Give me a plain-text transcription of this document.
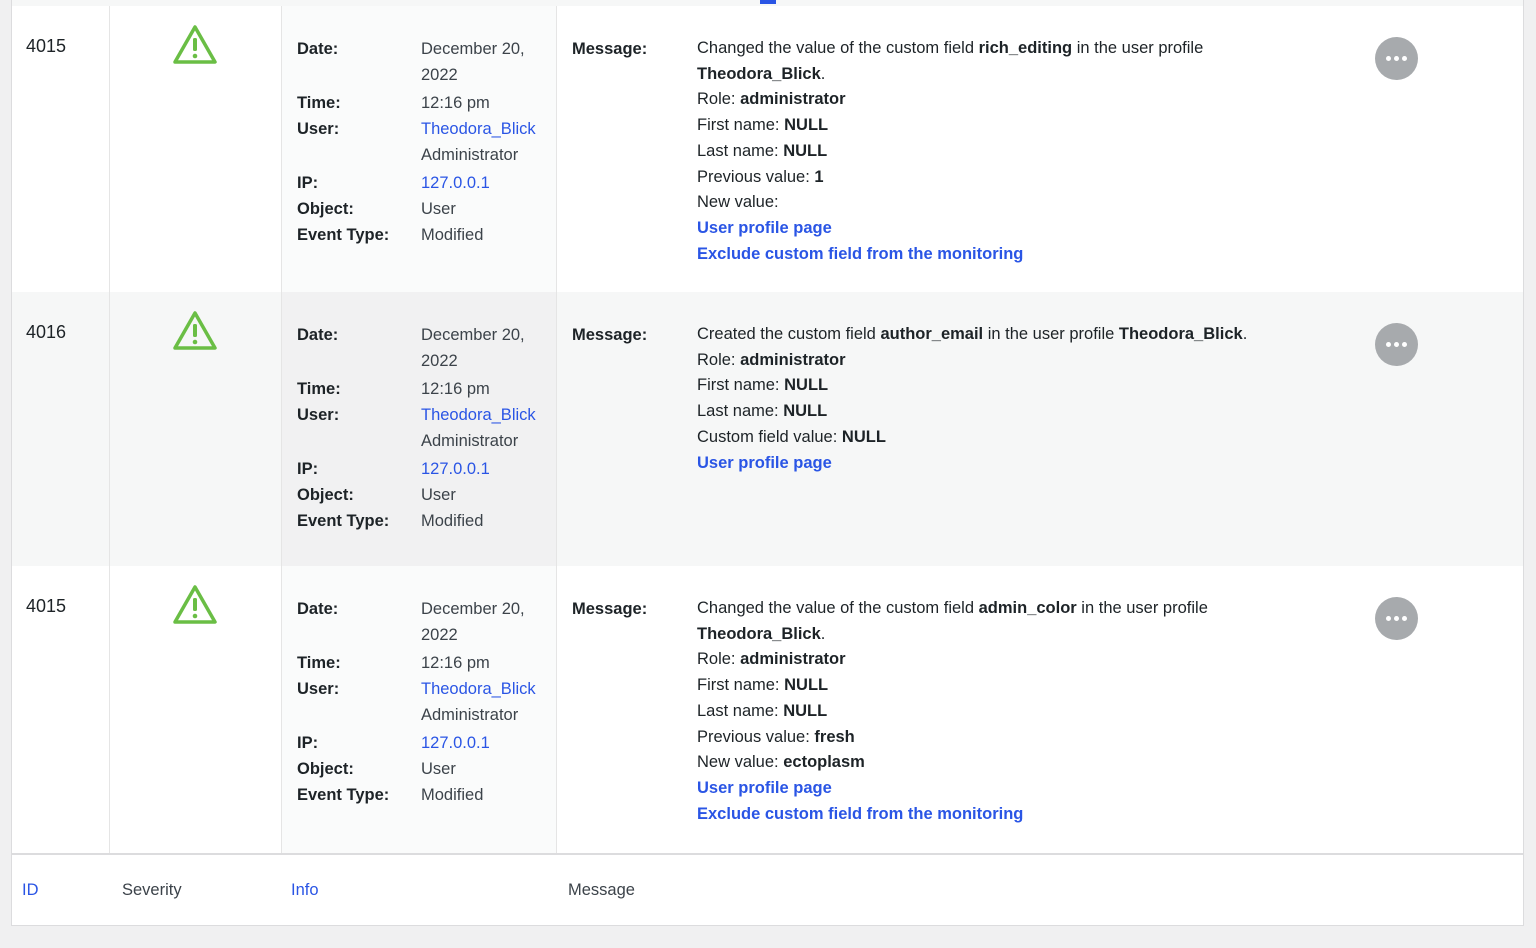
4015	Date:	December 20, 2022
Time:	12:16 pm
User:	Theodora_Blick
Administrator
IP:	127.0.0.1
Object:	User
Event Type:	Modified
Message:	Changed the value of the custom field rich_editing in the user profile
Theodora_Blick.
Role: administrator
First name: NULL
Last name: NULL
Previous value: 1
New value:
User profile page
Exclude custom field from the monitoring
4016	Date:	December 20, 2022
Time:	12:16 pm
User:	Theodora_Blick
Administrator
IP:	127.0.0.1
Object:	User
Event Type:	Modified
Message:	Created the custom field author_email in the user profile Theodora_Blick.
Role: administrator
First name: NULL
Last name: NULL
Custom field value: NULL
User profile page
4015	Date:	December 20, 2022
Time:	12:16 pm
User:	Theodora_Blick
Administrator
IP:	127.0.0.1
Object:	User
Event Type:	Modified
Message:	Changed the value of the custom field admin_color in the user profile
Theodora_Blick.
Role: administrator
First name: NULL
Last name: NULL
Previous value: fresh
New value: ectoplasm
User profile page
Exclude custom field from the monitoring
ID	Severity	Info	Message
